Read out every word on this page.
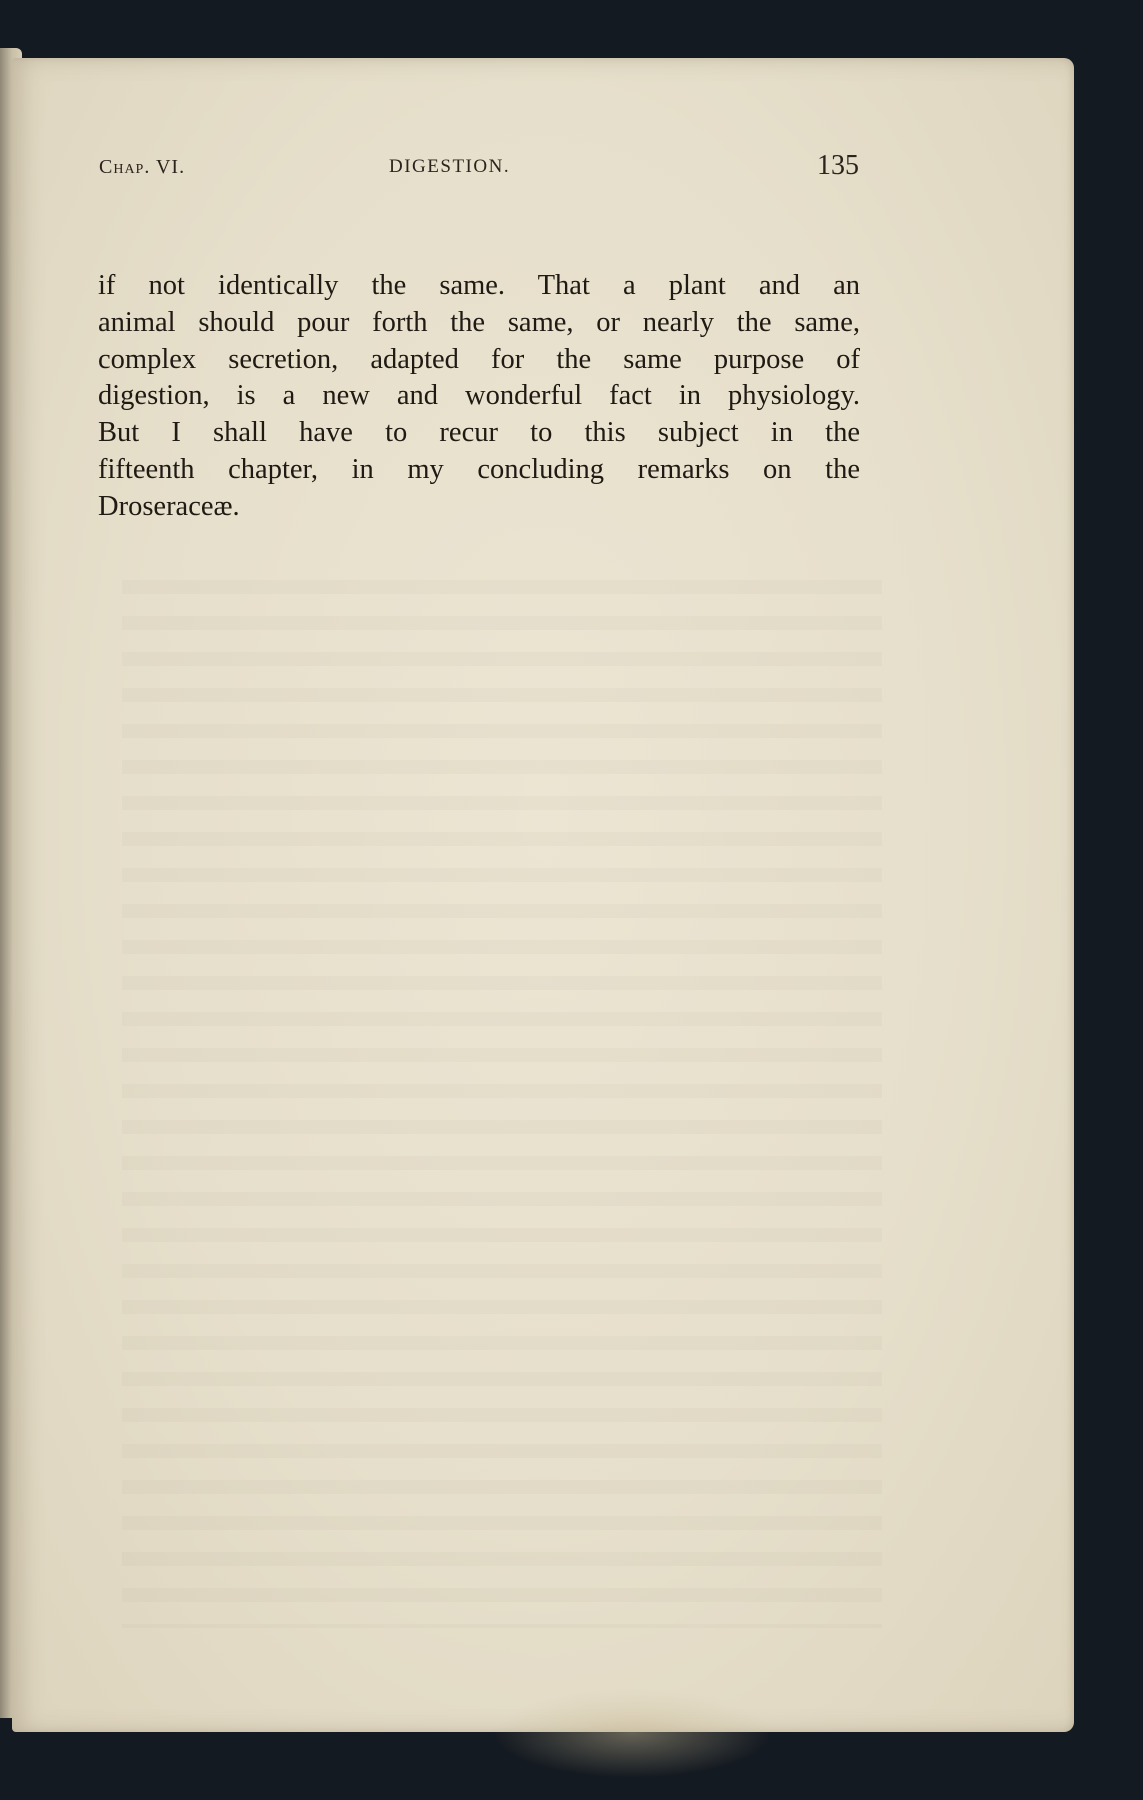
Chap. VI.	DIGESTION.	135
if not identically the same. That a plant and an
animal should pour forth the same, or nearly the same,
complex secretion, adapted for the same purpose of
digestion, is a new and wonderful fact in physiology.
But I shall have to recur to this subject in the
fifteenth chapter, in my concluding remarks on the
Droseraceæ.
